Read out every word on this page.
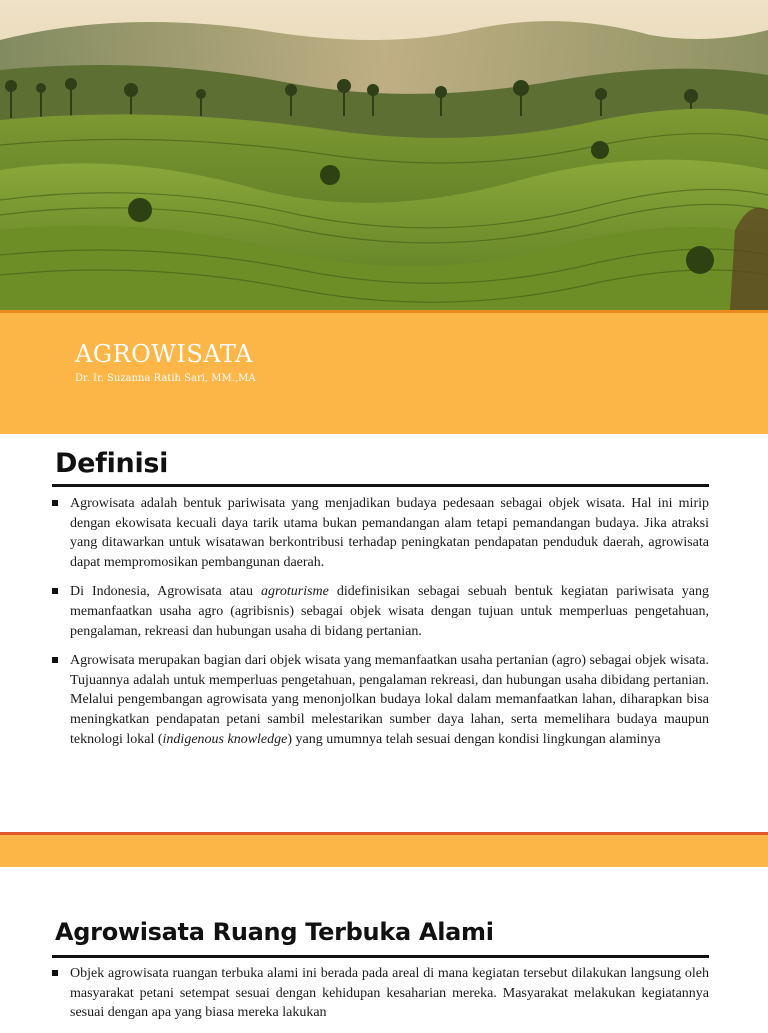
AGROWISATA

Dr. Ir. Suzanna Ratih Sari, MM.,MA

Definisi
Agrowisata adalah bentuk pariwisata yang menjadikan budaya pedesaan sebagai objek wisata. Hal ini mirip dengan ekowisata kecuali daya tarik utama bukan pemandangan alam tetapi pemandangan budaya. Jika atraksi yang ditawarkan untuk wisatawan berkontribusi terhadap peningkatan pendapatan penduduk daerah, agrowisata dapat mempromosikan pembangunan daerah.
Di Indonesia, Agrowisata atau agroturisme didefinisikan sebagai sebuah bentuk kegiatan pariwisata yang memanfaatkan usaha agro (agribisnis) sebagai objek wisata dengan tujuan untuk memperluas pengetahuan, pengalaman, rekreasi dan hubungan usaha di bidang pertanian.
Agrowisata merupakan bagian dari objek wisata yang memanfaatkan usaha pertanian (agro) sebagai objek wisata. Tujuannya adalah untuk memperluas pengetahuan, pengalaman rekreasi, dan hubungan usaha dibidang pertanian. Melalui pengembangan agrowisata yang menonjolkan budaya lokal dalam memanfaatkan lahan, diharapkan bisa meningkatkan pendapatan petani sambil melestarikan sumber daya lahan, serta memelihara budaya maupun teknologi lokal (indigenous knowledge) yang umumnya telah sesuai dengan kondisi lingkungan alaminya
Agrowisata Ruang Terbuka Alami
Objek agrowisata ruangan terbuka alami ini berada pada areal di mana kegiatan tersebut dilakukan langsung oleh masyarakat petani setempat sesuai dengan kehidupan kesaharian mereka. Masyarakat melakukan kegiatannya sesuai dengan apa yang biasa mereka lakukan
